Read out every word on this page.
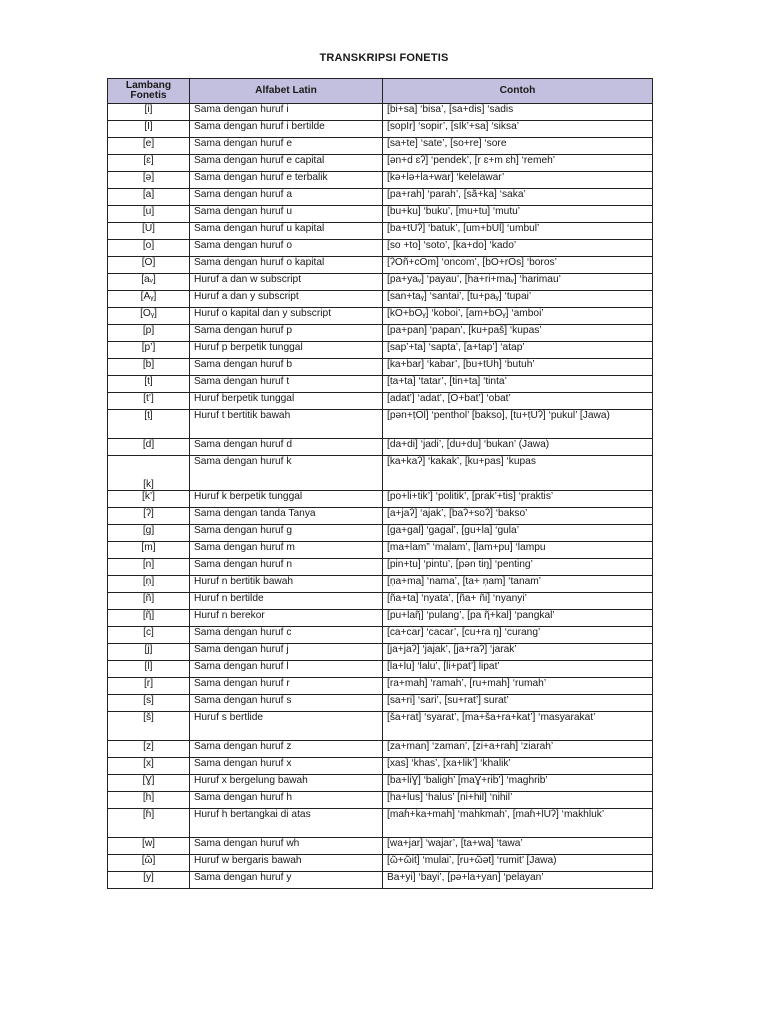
TRANSKRIPSI FONETIS
Lambang Fonetis	Alfabet Latin	Contoh
[i]	Sama dengan huruf i	[bi+sa] ‘bisa’, [sa+dis] ‘sadis
[I]	Sama dengan huruf i bertilde	[sopIr] ‘sopir’, [sIk’+sa] ‘siksa’
[e]	Sama dengan huruf e	[sa+te] ‘sate’, [so+re] ‘sore
[ɛ]	Sama dengan huruf e capital	[ən+d ɛʔ] ‘pendek’, [r ɛ+m ɛh] ‘remeh’
[ə]	Sama dengan huruf e terbalik	[kə+lə+la+war] ‘kelelawar’
[a]	Sama dengan huruf a	[pa+rah] ‘parah’, [sã+ka] ‘saka’
[u]	Sama dengan huruf u	[bu+ku] ‘buku’, [mu+tu] ‘mutu’
[U]	Sama dengan huruf u kapital	[ba+tUʔ] ‘batuk’, [um+bUl] ‘umbul’
[o]	Sama dengan huruf o	[so +to] ‘soto’, [ka+do] ‘kado’
[O]	Sama dengan huruf o kapital	[ʔOñ+cOm] ‘oncom’, [bO+rOs] ‘boros’
[aᵥ]	Huruf a dan w subscript	[pa+yaᵥ] ‘payau’, [ha+ri+maᵥ] ‘harimau’
[Aᵧ]	Huruf a dan y subscript	[san+taᵧ] ‘santai’, [tu+paᵧ] ‘tupai’
[Oᵧ]	Huruf o kapital dan y subscript	[kO+bOᵧ] ‘koboi’, [am+bOᵧ] ‘amboi’
[p]	Sama dengan huruf p	[pa+pan] ‘papan’, [ku+paš] ‘kupas’
[p’]	Huruf p berpetik tunggal	[sap’+ta] ‘sapta’, [a+tap’] ‘atap’
[b]	Sama dengan huruf b	[ka+bar] ‘kabar’, [bu+tUh] ‘butuh’
[t]	Sama dengan huruf t	[ta+ta] ‘tatar’, [tin+ta] ‘tinta’
[t’]	Huruf berpetik tunggal	[adat’] ‘adat’, [O+bat’] ‘obat’
[ṭ]	Huruf t bertitik bawah	[pən+ṭOl] ‘penthol’ [bakso], [tu+ṭUʔ] ‘pukul’ [Jawa)
[d]	Sama dengan huruf d	[da+di] ‘jadi’, [du+du] ‘bukan’ (Jawa)
[k]	Sama dengan huruf k	[ka+kaʔ] ‘kakak’, [ku+pas] ‘kupas
[k’]	Huruf k berpetik tunggal	[po+li+tik’] ‘politik’, [prak’+tis] ‘praktis’
[ʔ]	Sama dengan tanda Tanya	[a+jaʔ] ‘ajak’, [baʔ+soʔ] ‘bakso’
[g]	Sama dengan huruf g	[ga+gal] ‘gagal’, [gu+la] ‘gula’
[m]	Sama dengan huruf m	[ma+lam” ‘malam’, [lam+pu] ‘lampu
[n]	Sama dengan huruf n	[pin+tu] ‘pintu’, [pən tiŋ] ‘penting’
[ṇ]	Huruf n bertitik bawah	[ṇa+ma] ‘nama’, [ta+ ṇam] ‘tanam’
[ñ]	Huruf n bertilde	[ña+ta] ‘nyata’, [ña+ ñi] ‘nyanyi’
[ῆ]	Huruf n berekor	[pu+laῆ] ‘pulang’, [pa ῆ+kal] ‘pangkal’
[c]	Sama dengan huruf c	[ca+car] ‘cacar’, [cu+ra ŋ] ‘curang’
[j]	Sama dengan huruf j	[ja+jaʔ] ‘jajak’, [ja+raʔ] ‘jarak’
[l]	Sama dengan huruf l	[la+lu] ‘lalu’, [li+pat’] lipat’
[r]	Sama dengan huruf r	[ra+mah] ‘ramah’, [ru+mah] ‘rumah’
[s]	Sama dengan huruf s	[sa+ri] ‘sari’, [su+rat’] surat’
[š]	Huruf s bertlide	[ša+rat] ‘syarat’, [ma+ša+ra+kat’] ‘masyarakat’
[z]	Sama dengan huruf z	[za+man] ‘zaman’, [zi+a+rah] ‘ziarah’
[x]	Sama dengan huruf x	[xas] ‘khas’, [xa+lik’] ‘khalik’
[Ɣ]	Huruf x bergelung bawah	[ba+liƔ] ‘baligh’ [maƔ+rib’] ‘maghrib’
[h]	Sama dengan huruf h	[ha+lus] ‘halus’ [ni+hil] ‘nihil’
[ɦ]	Huruf h bertangkai di atas	[maɦ+ka+mah] ‘mahkmah’, [maɦ+lUʔ] ‘makhluk’
[w]	Sama dengan huruf wh	[wa+jar] ‘wajar’, [ta+wa] ‘tawa’
[ῶ]	Huruf w bergaris bawah	[ῶ+ῶit] ‘mulai’, [ru+ῶət] ‘rumit’ [Jawa)
[y]	Sama dengan huruf y	Ba+yi] ‘bayi’, [pə+la+yan] ‘pelayan’
